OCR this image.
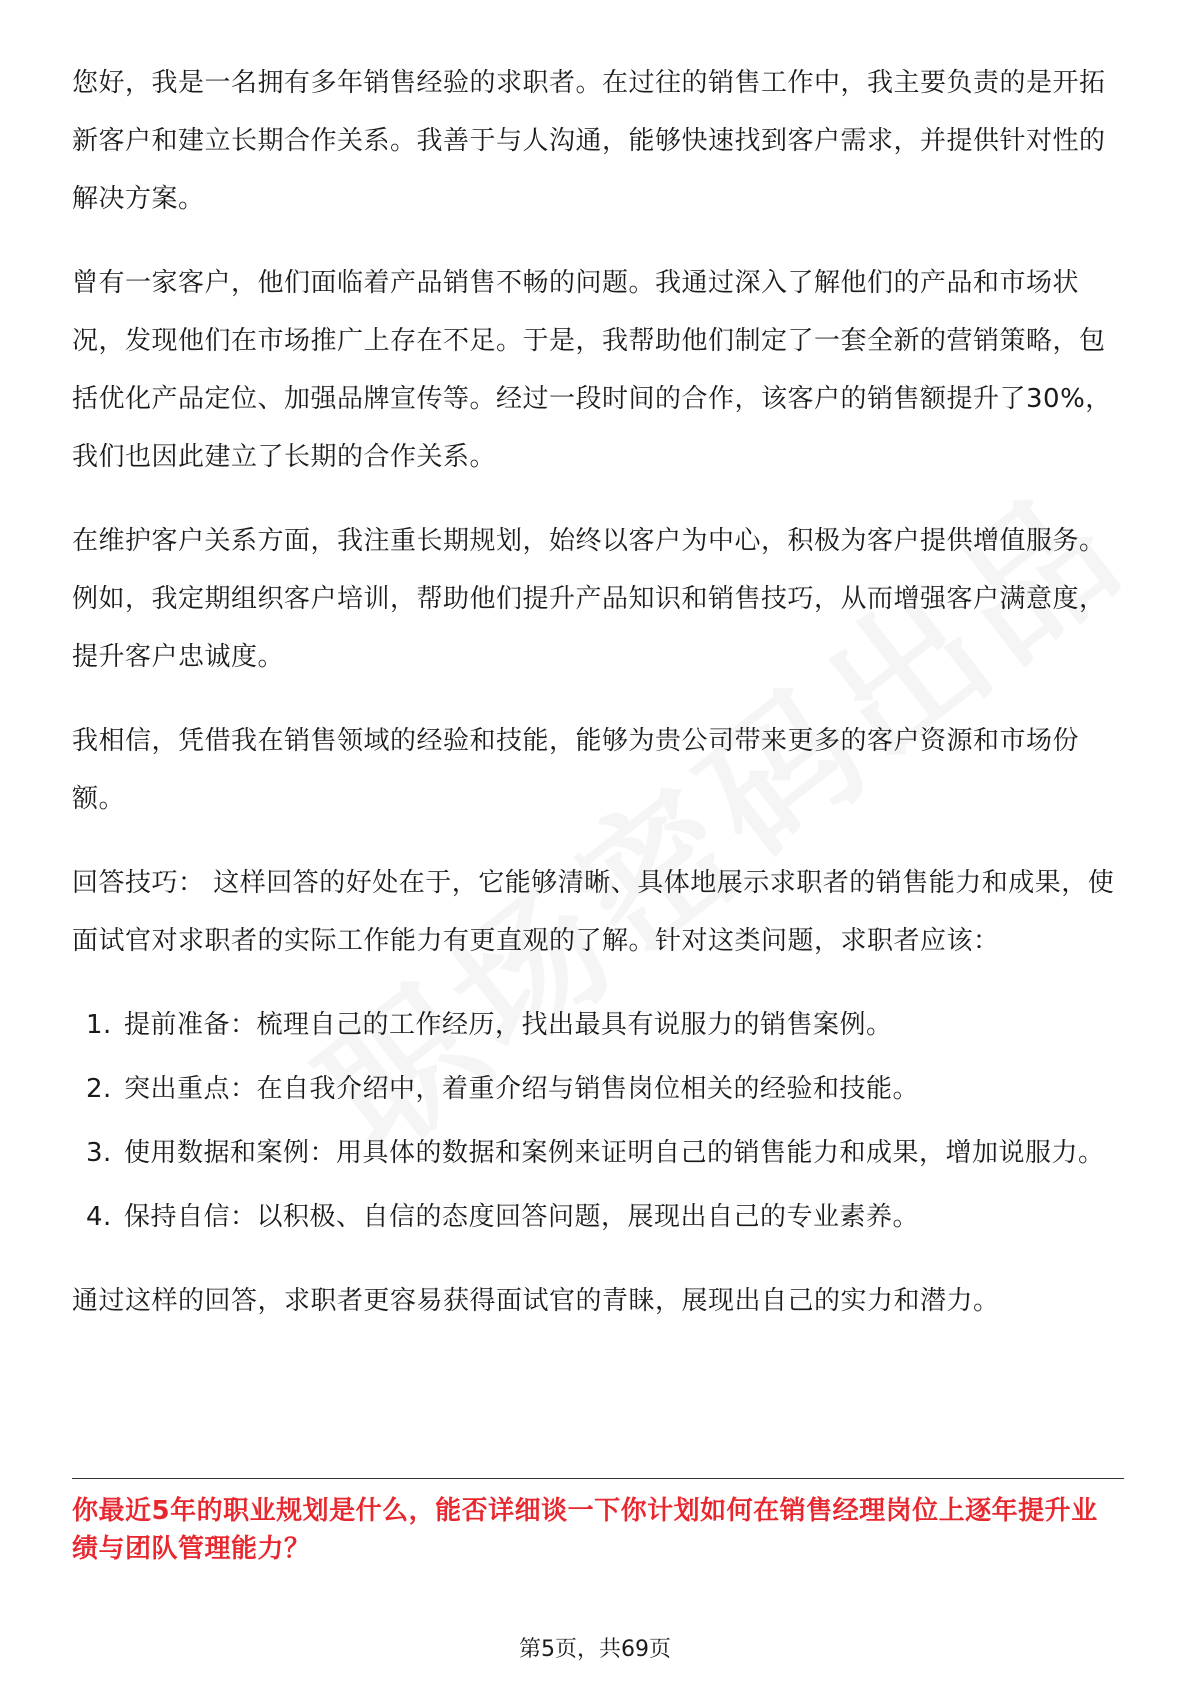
您好，我是一名拥有多年销售经验的求职者。在过往的销售工作中，我主要负责的是开拓新客户和建立长期合作关系。我善于与人沟通，能够快速找到客户需求，并提供针对性的解决方案。

曾有一家客户，他们面临着产品销售不畅的问题。我通过深入了解他们的产品和市场状况，发现他们在市场推广上存在不足。于是，我帮助他们制定了一套全新的营销策略，包括优化产品定位、加强品牌宣传等。经过一段时间的合作，该客户的销售额提升了30%，我们也因此建立了长期的合作关系。

在维护客户关系方面，我注重长期规划，始终以客户为中心，积极为客户提供增值服务。例如，我定期组织客户培训，帮助他们提升产品知识和销售技巧，从而增强客户满意度，提升客户忠诚度。

我相信，凭借我在销售领域的经验和技能，能够为贵公司带来更多的客户资源和市场份额。

回答技巧： 这样回答的好处在于，它能够清晰、具体地展示求职者的销售能力和成果，使面试官对求职者的实际工作能力有更直观的了解。针对这类问题，求职者应该：

1. 提前准备：梳理自己的工作经历，找出最具有说服力的销售案例。
2. 突出重点：在自我介绍中，着重介绍与销售岗位相关的经验和技能。
3. 使用数据和案例：用具体的数据和案例来证明自己的销售能力和成果，增加说服力。
4. 保持自信：以积极、自信的态度回答问题，展现出自己的专业素养。

通过这样的回答，求职者更容易获得面试官的青睐，展现出自己的实力和潜力。

你最近5年的职业规划是什么，能否详细谈一下你计划如何在销售经理岗位上逐年提升业绩与团队管理能力？

第5页，共69页
